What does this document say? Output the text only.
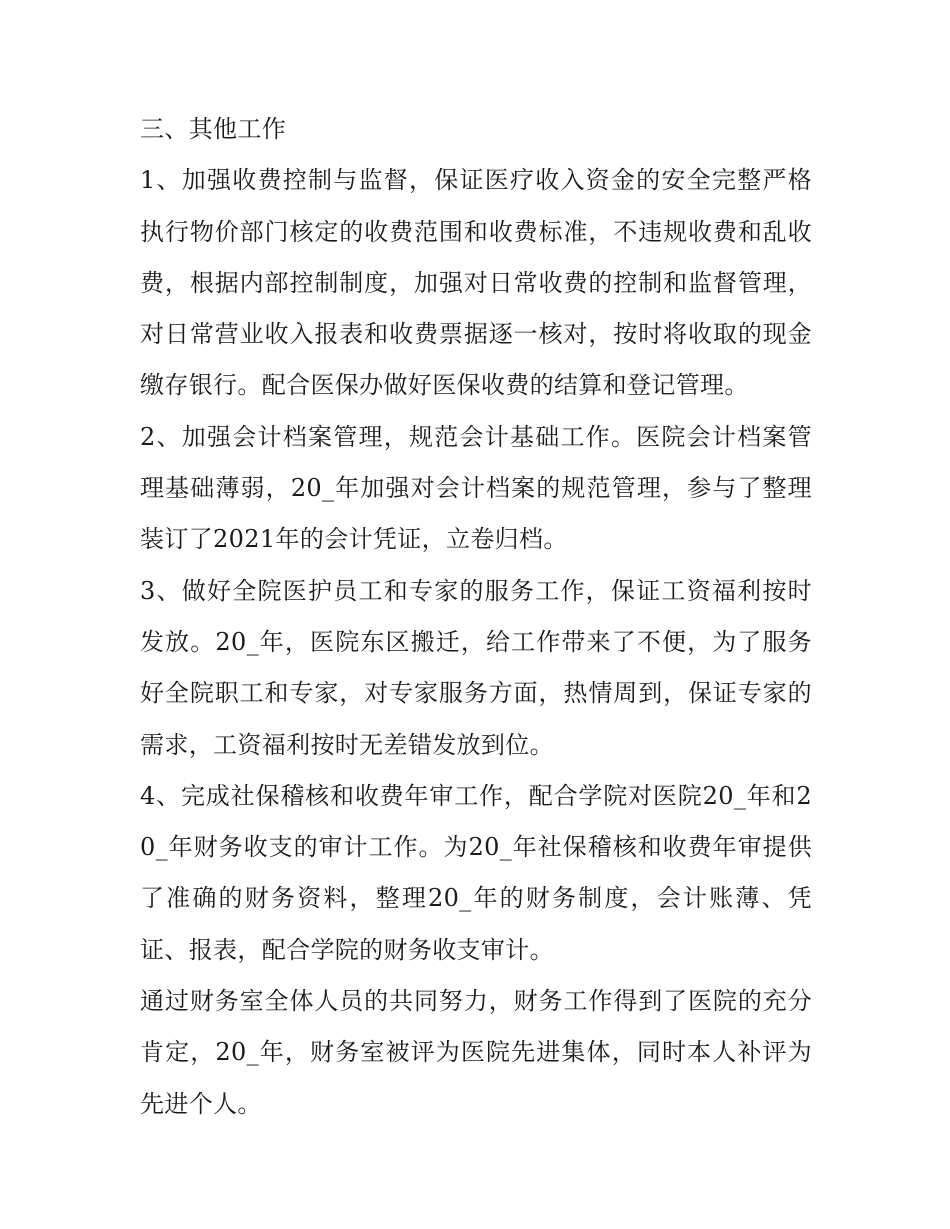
三、其他工作

1、加强收费控制与监督，保证医疗收入资金的安全完整严格执行物价部门核定的收费范围和收费标准，不违规收费和乱收费，根据内部控制制度，加强对日常收费的控制和监督管理，对日常营业收入报表和收费票据逐一核对，按时将收取的现金缴存银行。配合医保办做好医保收费的结算和登记管理。

2、加强会计档案管理，规范会计基础工作。医院会计档案管理基础薄弱，20_年加强对会计档案的规范管理，参与了整理装订了2021年的会计凭证，立卷归档。

3、做好全院医护员工和专家的服务工作，保证工资福利按时发放。20_年，医院东区搬迁，给工作带来了不便，为了服务好全院职工和专家，对专家服务方面，热情周到，保证专家的需求，工资福利按时无差错发放到位。

4、完成社保稽核和收费年审工作，配合学院对医院20_年和20_年财务收支的审计工作。为20_年社保稽核和收费年审提供了准确的财务资料，整理20_年的财务制度，会计账薄、凭证、报表，配合学院的财务收支审计。

通过财务室全体人员的共同努力，财务工作得到了医院的充分肯定，20_年，财务室被评为医院先进集体，同时本人补评为先进个人。
